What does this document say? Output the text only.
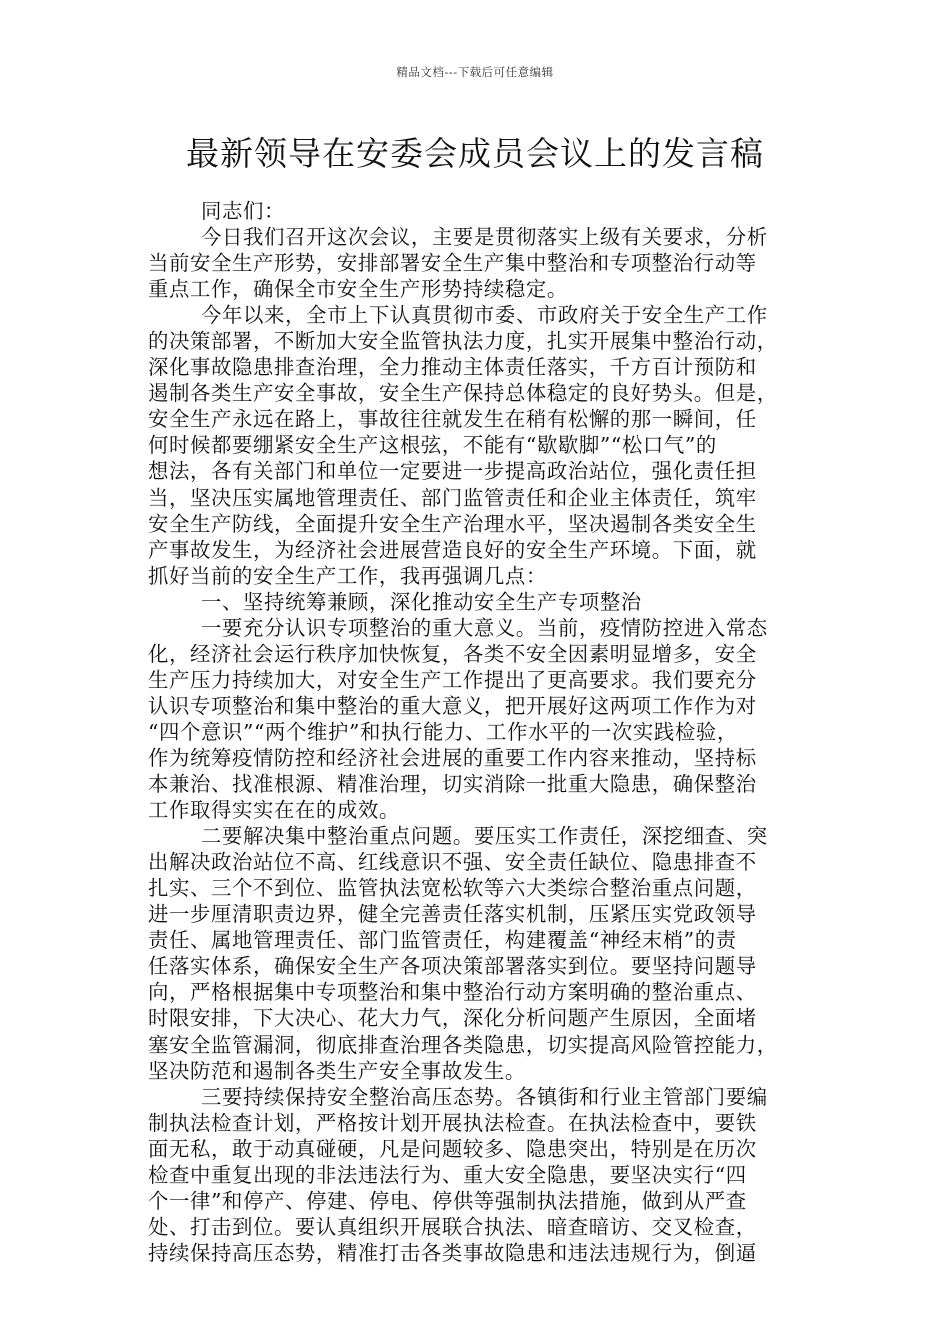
精品文档---下载后可任意编辑
最新领导在安委会成员会议上的发言稿
同志们：
今日我们召开这次会议，主要是贯彻落实上级有关要求，分析
当前安全生产形势，安排部署安全生产集中整治和专项整治行动等
重点工作，确保全市安全生产形势持续稳定。
今年以来，全市上下认真贯彻市委、市政府关于安全生产工作
的决策部署，不断加大安全监管执法力度，扎实开展集中整治行动，
深化事故隐患排查治理，全力推动主体责任落实，千方百计预防和
遏制各类生产安全事故，安全生产保持总体稳定的良好势头。但是，
安全生产永远在路上，事故往往就发生在稍有松懈的那一瞬间，任
何时候都要绷紧安全生产这根弦，不能有“歇歇脚”“松口气”的
想法，各有关部门和单位一定要进一步提高政治站位，强化责任担
当，坚决压实属地管理责任、部门监管责任和企业主体责任，筑牢
安全生产防线，全面提升安全生产治理水平，坚决遏制各类安全生
产事故发生，为经济社会进展营造良好的安全生产环境。下面，就
抓好当前的安全生产工作，我再强调几点：
一、坚持统筹兼顾，深化推动安全生产专项整治
一要充分认识专项整治的重大意义。当前，疫情防控进入常态
化，经济社会运行秩序加快恢复，各类不安全因素明显增多，安全
生产压力持续加大，对安全生产工作提出了更高要求。我们要充分
认识专项整治和集中整治的重大意义，把开展好这两项工作作为对
“四个意识”“两个维护”和执行能力、工作水平的一次实践检验，
作为统筹疫情防控和经济社会进展的重要工作内容来推动，坚持标
本兼治、找准根源、精准治理，切实消除一批重大隐患，确保整治
工作取得实实在在的成效。
二要解决集中整治重点问题。要压实工作责任，深挖细查、突
出解决政治站位不高、红线意识不强、安全责任缺位、隐患排查不
扎实、三个不到位、监管执法宽松软等六大类综合整治重点问题，
进一步厘清职责边界，健全完善责任落实机制，压紧压实党政领导
责任、属地管理责任、部门监管责任，构建覆盖“神经末梢”的责
任落实体系，确保安全生产各项决策部署落实到位。要坚持问题导
向，严格根据集中专项整治和集中整治行动方案明确的整治重点、
时限安排，下大决心、花大力气，深化分析问题产生原因，全面堵
塞安全监管漏洞，彻底排查治理各类隐患，切实提高风险管控能力，
坚决防范和遏制各类生产安全事故发生。
三要持续保持安全整治高压态势。各镇街和行业主管部门要编
制执法检查计划，严格按计划开展执法检查。在执法检查中，要铁
面无私，敢于动真碰硬，凡是问题较多、隐患突出，特别是在历次
检查中重复出现的非法违法行为、重大安全隐患，要坚决实行“四
个一律”和停产、停建、停电、停供等强制执法措施，做到从严查
处、打击到位。要认真组织开展联合执法、暗查暗访、交叉检查，
持续保持高压态势，精准打击各类事故隐患和违法违规行为，倒逼
